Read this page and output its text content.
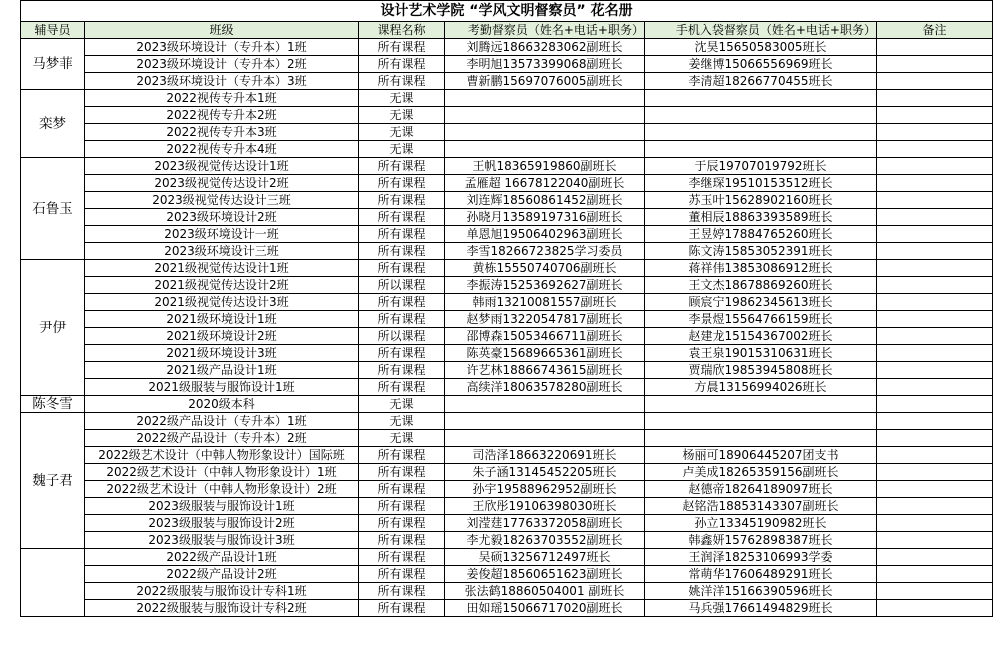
设计艺术学院 “学风文明督察员” 花名册					
辅导员	班级	课程名称	考勤督察员（姓名+电话+职务）	手机入袋督察员（姓名+电话+职务）	备注
马梦菲	2023级环境设计（专升本）1班	所有课程	刘腾远18663283062副班长	沈昊15650583005班长	
	2023级环境设计（专升本）2班	所有课程	李明旭13573399068副班长	姜继博15066556969班长	
	2023级环境设计（专升本）3班	所有课程	曹新鹏15697076005副班长	李清超18266770455班长	
栾梦	2022视传专升本1班	无课			
	2022视传专升本2班	无课			
	2022视传专升本3班	无课			
	2022视传专升本4班	无课			
石鲁玉	2023级视觉传达设计1班	所有课程	王帆18365919860副班长	于辰19707019792班长	
	2023级视觉传达设计2班	所有课程	孟雁超 16678122040副班长	李继琛19510153512班长	
	2023级视觉传达设计三班	所有课程	刘连辉18560861452副班长	苏玉叶15628902160班长	
	2023级环境设计2班	所有课程	孙晓月13589197316副班长	董相辰18863393589班长	
	2023级环境设计一班	所有课程	单恩旭19506402963副班长	王昱婷17884765260班长	
	2023级环境设计三班	所有课程	李雪18266723825学习委员	陈文涛15853052391班长	
尹伊	2021级视觉传达设计1班	所有课程	黄栋15550740706副班长	蒋祥伟13853086912班长	
	2021级视觉传达设计2班	所以课程	李振涛15253692627副班长	王文杰18678869260班长	
	2021级视觉传达设计3班	所有课程	韩雨13210081557副班长	顾宸宁19862345613班长	
	2021级环境设计1班	所有课程	赵梦雨13220547817副班长	李景煜15564766159班长	
	2021级环境设计2班	所以课程	邵博森15053466711副班长	赵建龙15154367002班长	
	2021级环境设计3班	所有课程	陈英豪15689665361副班长	袁王泉19015310631班长	
	2021级产品设计1班	所有课程	许艺林18866743615副班长	贾瑞欣19853945808班长	
	2021级服装与服饰设计1班	所有课程	高续洋18063578280副班长	方晨13156994026班长	
陈冬雪	2020级本科	无课			
魏子君	2022级产品设计（专升本）1班	无课			
	2022级产品设计（专升本）2班	无课			
	2022级艺术设计（中韩人物形象设计）国际班	所有课程	司浩泽18663220691班长	杨丽可18906445207团支书	
	2022级艺术设计（中韩人物形象设计）1班	所有课程	朱子涵13145452205班长	卢美成18265359156副班长	
	2022级艺术设计（中韩人物形象设计）2班	所有课程	孙宇19588962952副班长	赵德帝18264189097班长	
	2023级服装与服饰设计1班	所有课程	王欣彤19106398030班长	赵铭浩18853143307副班长	
	2023级服装与服饰设计2班	所有课程	刘滢莛17763372058副班长	孙立13345190982班长	
	2023级服装与服饰设计3班	所有课程	李尤毅18263703552副班长	韩鑫妍15762898387班长	
	2022级产品设计1班	所有课程	吴硕13256712497班长	王润泽18253106993学委	
	2022级产品设计2班	所有课程	姜俊超18560651623副班长	常萌华17606489291班长	
	2022级服装与服饰设计专科1班	所有课程	张法鹤18860504001 副班长	姚洋洋15166390596班长	
	2022级服装与服饰设计专科2班	所有课程	田如瑶15066717020副班长	马兵强17661494829班长	
